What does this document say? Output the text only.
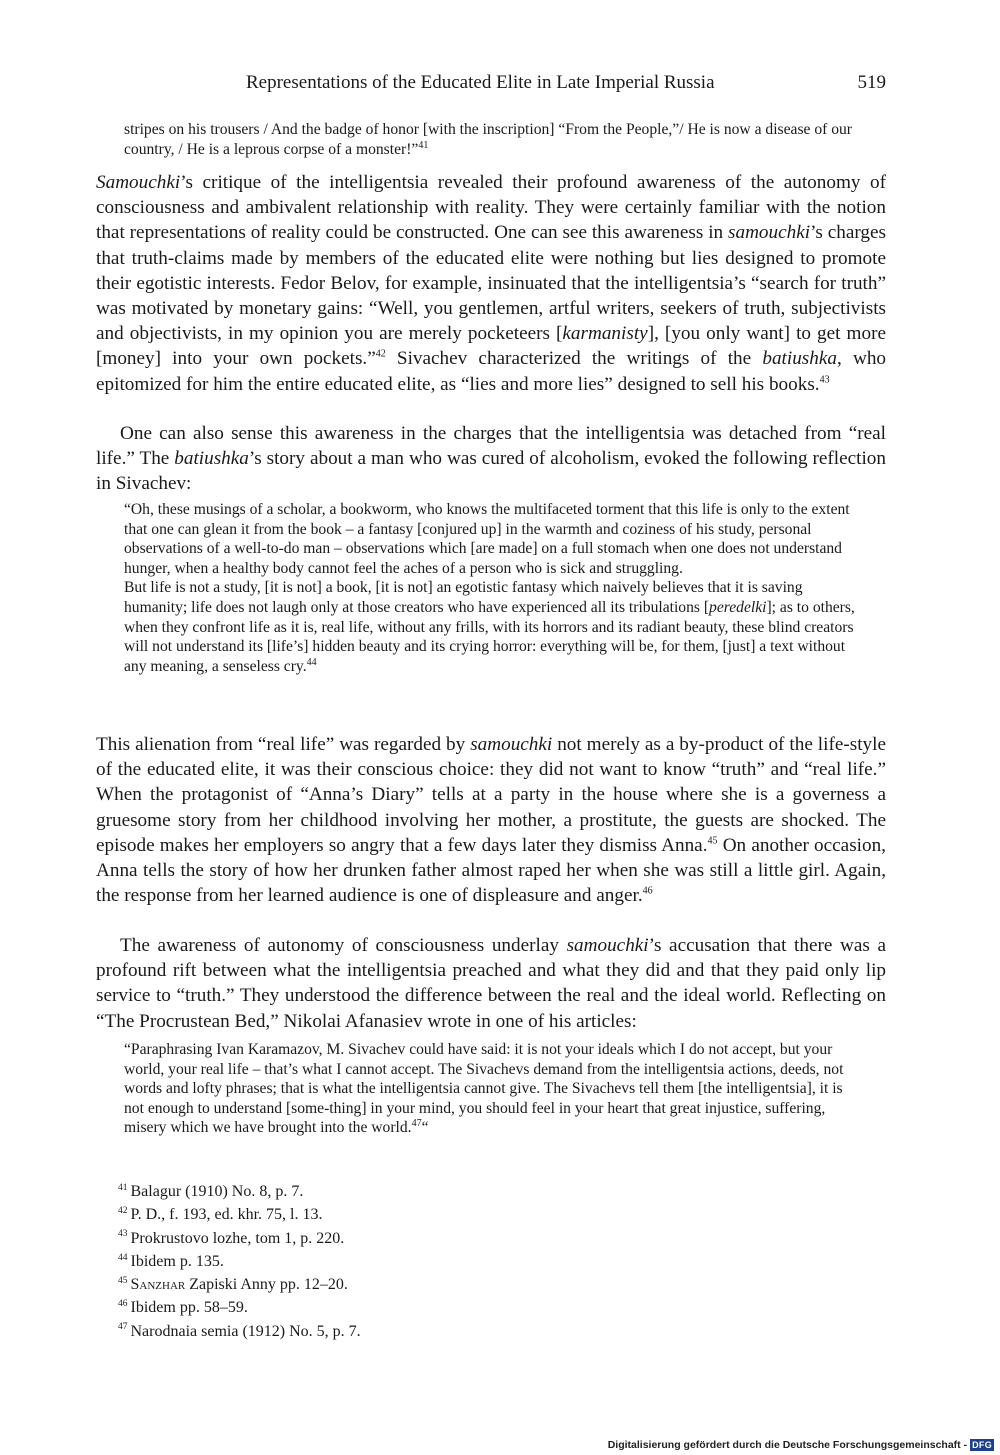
Representations of the Educated Elite in Late Imperial Russia	519

stripes on his trousers / And the badge of honor [with the inscription] “From the People,”/ He is now a disease of our country, / He is a leprous corpse of a monster!”$^{41}$

Samouchki’s critique of the intelligentsia revealed their profound awareness of the autonomy of consciousness and ambivalent relationship with reality. They were certainly familiar with the notion that representations of reality could be constructed. One can see this awareness in samouchki’s charges that truth-claims made by members of the educated elite were nothing but lies designed to promote their egotistic interests. Fedor Belov, for example, insinuated that the intelligentsia’s “search for truth” was motivated by monetary gains: “Well, you gentlemen, artful writers, seekers of truth, subjectivists and objectivists, in my opinion you are merely pocketeers [karmanisty], [you only want] to get more [money] into your own pockets.”$^{42}$ Sivachev characterized the writings of the batiushka, who epitomized for him the entire educated elite, as “lies and more lies” designed to sell his books.$^{43}$

One can also sense this awareness in the charges that the intelligentsia was detached from “real life.” The batiushka’s story about a man who was cured of alcoholism, evoked the following reflection in Sivachev:

“Oh, these musings of a scholar, a bookworm, who knows the multifaceted torment that this life is only to the extent that one can glean it from the book – a fantasy [conjured up] in the warmth and coziness of his study, personal observations of a well-to-do man – observations which [are made] on a full stomach when one does not understand hunger, when a healthy body cannot feel the aches of a person who is sick and struggling.

But life is not a study, [it is not] a book, [it is not] an egotistic fantasy which naively believes that it is saving humanity; life does not laugh only at those creators who have experienced all its tribulations [peredelki]; as to others, when they confront life as it is, real life, without any frills, with its horrors and its radiant beauty, these blind creators will not understand its [life’s] hidden beauty and its crying horror: everything will be, for them, [just] a text without any meaning, a senseless cry.$^{44}$

This alienation from “real life” was regarded by samouchki not merely as a by-product of the life-style of the educated elite, it was their conscious choice: they did not want to know “truth” and “real life.” When the protagonist of “Anna’s Diary” tells at a party in the house where she is a governess a gruesome story from her childhood involving her mother, a prostitute, the guests are shocked. The episode makes her employers so angry that a few days later they dismiss Anna.$^{45}$ On another occasion, Anna tells the story of how her drunken father almost raped her when she was still a little girl. Again, the response from her learned audience is one of displeasure and anger.$^{46}$

The awareness of autonomy of consciousness underlay samouchki’s accusation that there was a profound rift between what the intelligentsia preached and what they did and that they paid only lip service to “truth.” They understood the difference between the real and the ideal world. Reflecting on “The Procrustean Bed,” Nikolai Afanasiev wrote in one of his articles:

“Paraphrasing Ivan Karamazov, M. Sivachev could have said: it is not your ideals which I do not accept, but your world, your real life – that’s what I cannot accept. The Sivachevs demand from the intelligentsia actions, deeds, not words and lofty phrases; that is what the intelligentsia cannot give. The Sivachevs tell them [the intelligentsia], it is not enough to understand [some-thing] in your mind, you should feel in your heart that great injustice, suffering, misery which we have brought into the world.$^{47}$“

$^{41}$ Balagur (1910) No. 8, p. 7.
$^{42}$ P. D., f. 193, ed. khr. 75, l. 13.
$^{43}$ Prokrustovo lozhe, tom 1, p. 220.
$^{44}$ Ibidem p. 135.
$^{45}$ Sanzhar Zapiski Anny pp. 12–20.
$^{46}$ Ibidem pp. 58–59.
$^{47}$ Narodnaia semia (1912) No. 5, p. 7.
Digitalisierung gefördert durch die Deutsche Forschungsgemeinschaft - DFG
